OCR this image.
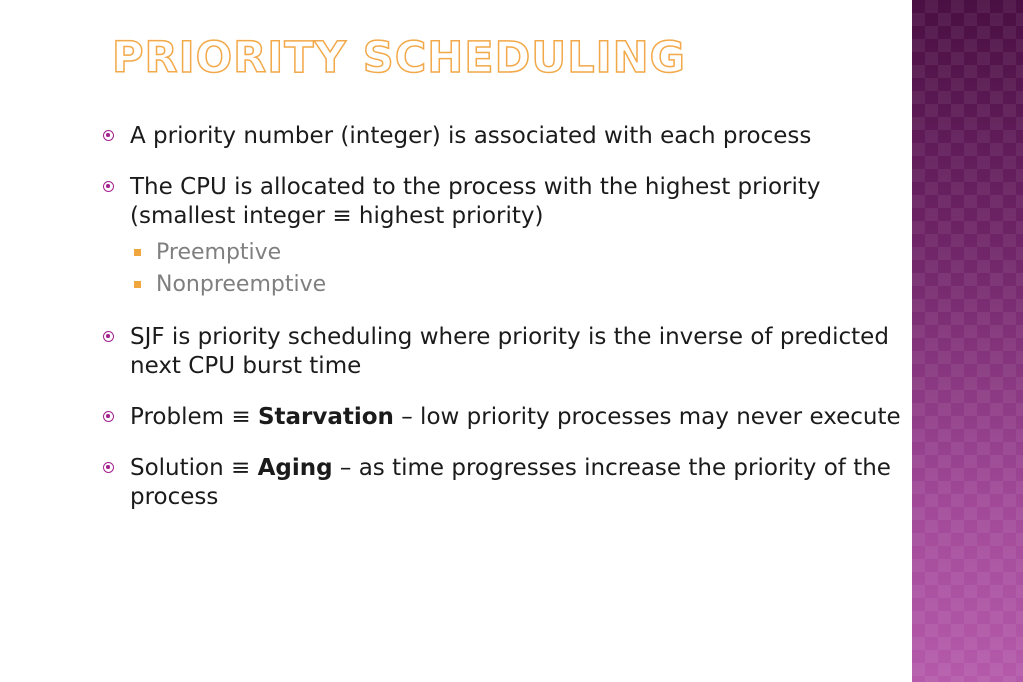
PRIORITY SCHEDULING
A priority number (integer) is associated with each process
The CPU is allocated to the process with the highest priority (smallest integer ≡ highest priority)
Preemptive
Nonpreemptive
SJF is priority scheduling where priority is the inverse of predicted next CPU burst time
Problem ≡ Starvation – low priority processes may never execute
Solution ≡ Aging – as time progresses increase the priority of the process
